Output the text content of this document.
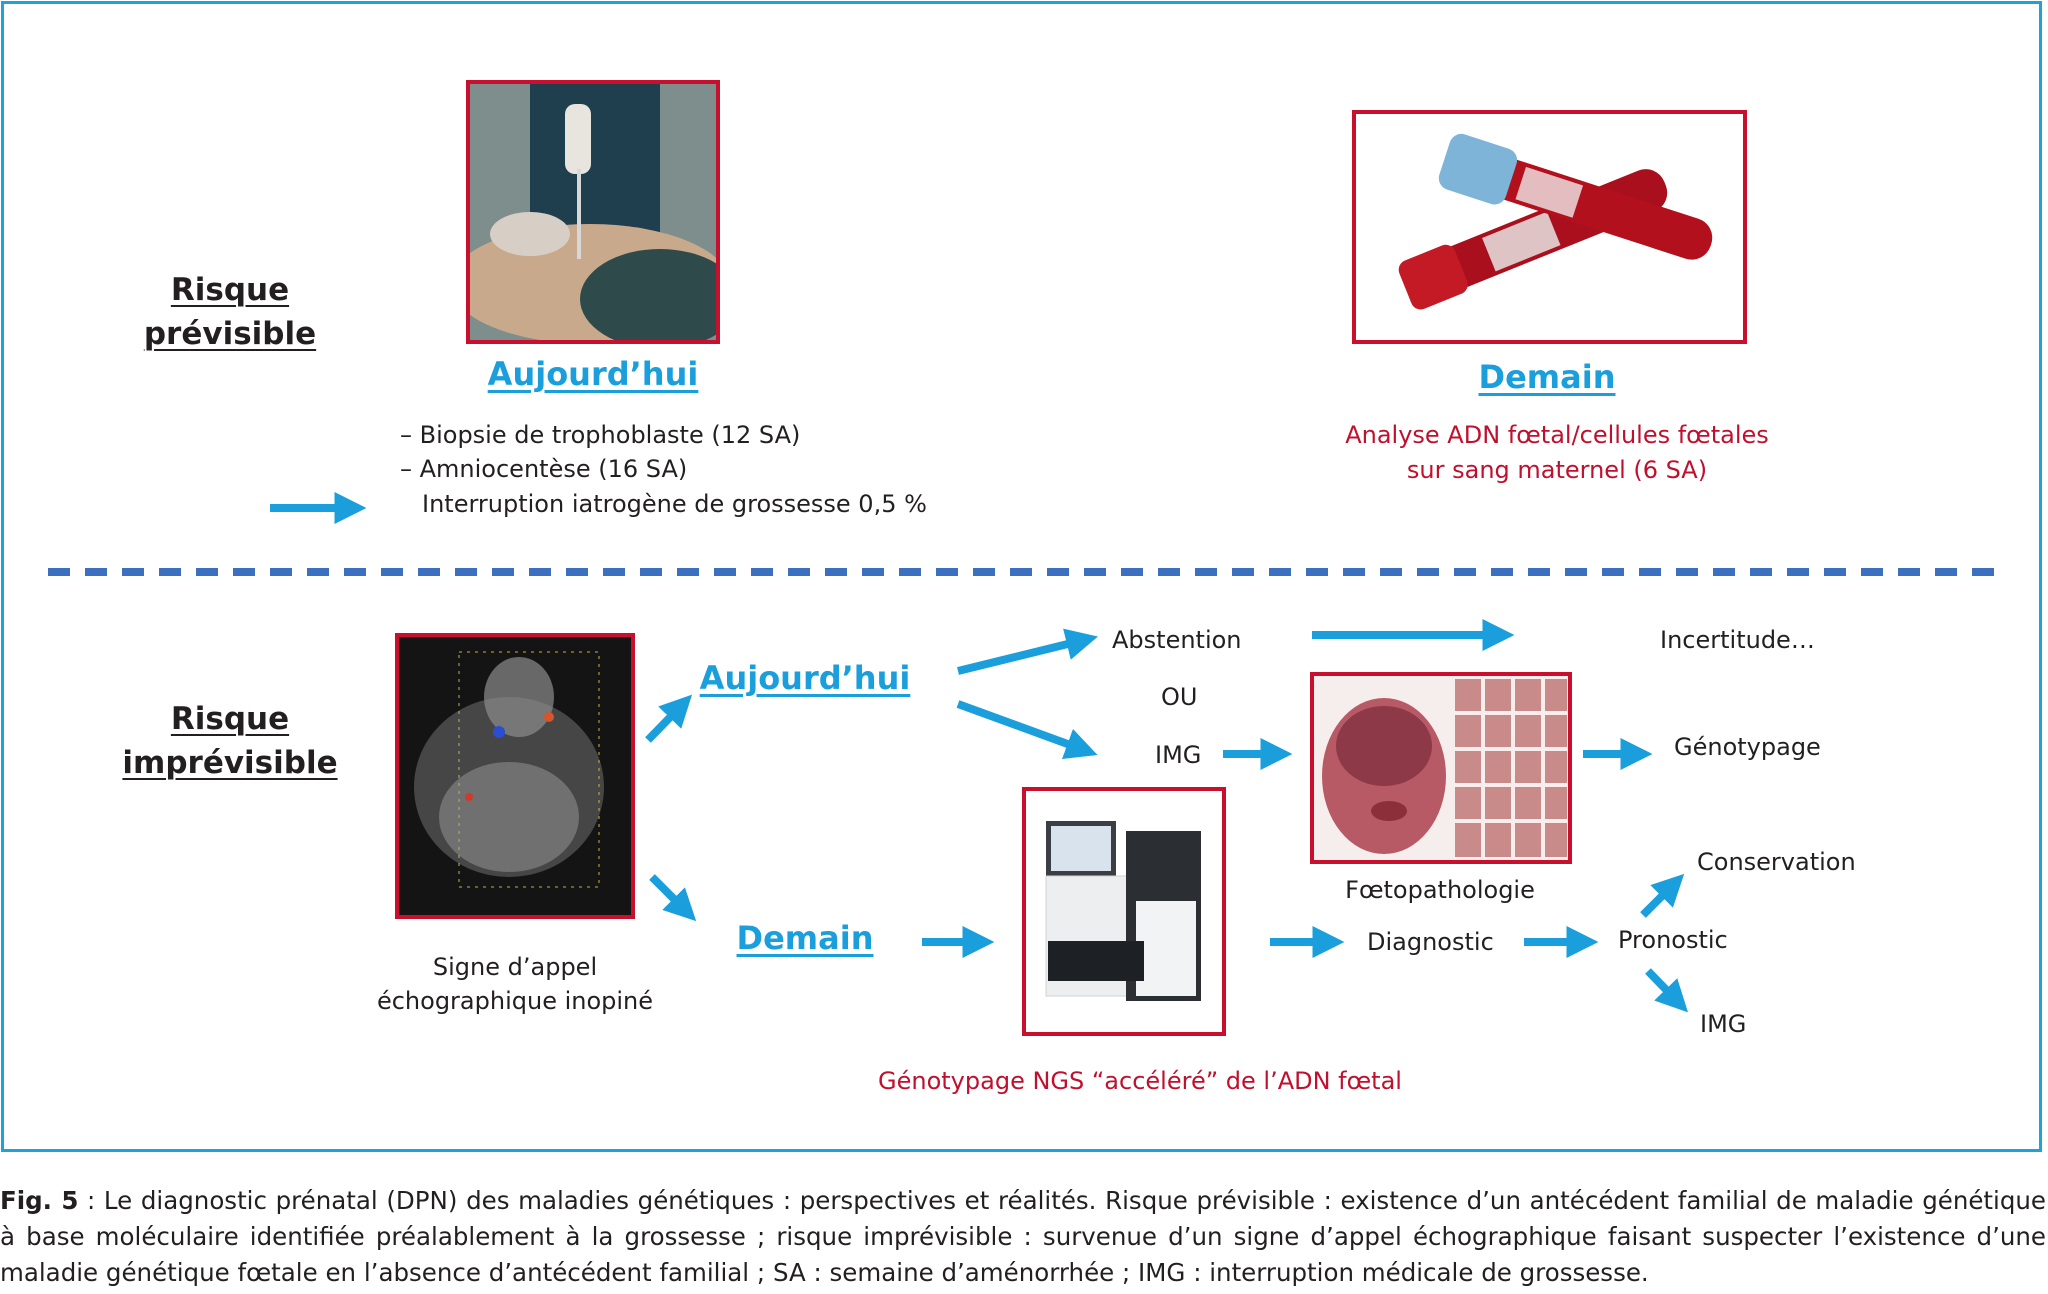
Risque
prévisible
Aujourd’hui
– Biopsie de trophoblaste (12 SA)
– Amniocentèse (16 SA)
Interruption iatrogène de grossesse 0,5 %
Demain
Analyse ADN fœtal/cellules fœtales
sur sang maternel (6 SA)
Risque
imprévisible
Signe d’appel
échographique inopiné
Aujourd’hui
Demain
Abstention
OU
IMG
Incertitude…
Génotypage
Fœtopathologie
Génotypage NGS “accéléré” de l’ADN fœtal
Diagnostic	Pronostic
Conservation
IMG
Fig. 5 : Le diagnostic prénatal (DPN) des maladies génétiques : perspectives et réalités. Risque prévisible : existence d’un antécédent familial de maladie génétique à base moléculaire identifiée préalablement à la grossesse ; risque imprévisible : survenue d’un signe d’appel échographique faisant suspecter l’existence d’une maladie génétique fœtale en l’absence d’antécédent familial ; SA : semaine d’aménorrhée ; IMG : interruption médicale de grossesse.
